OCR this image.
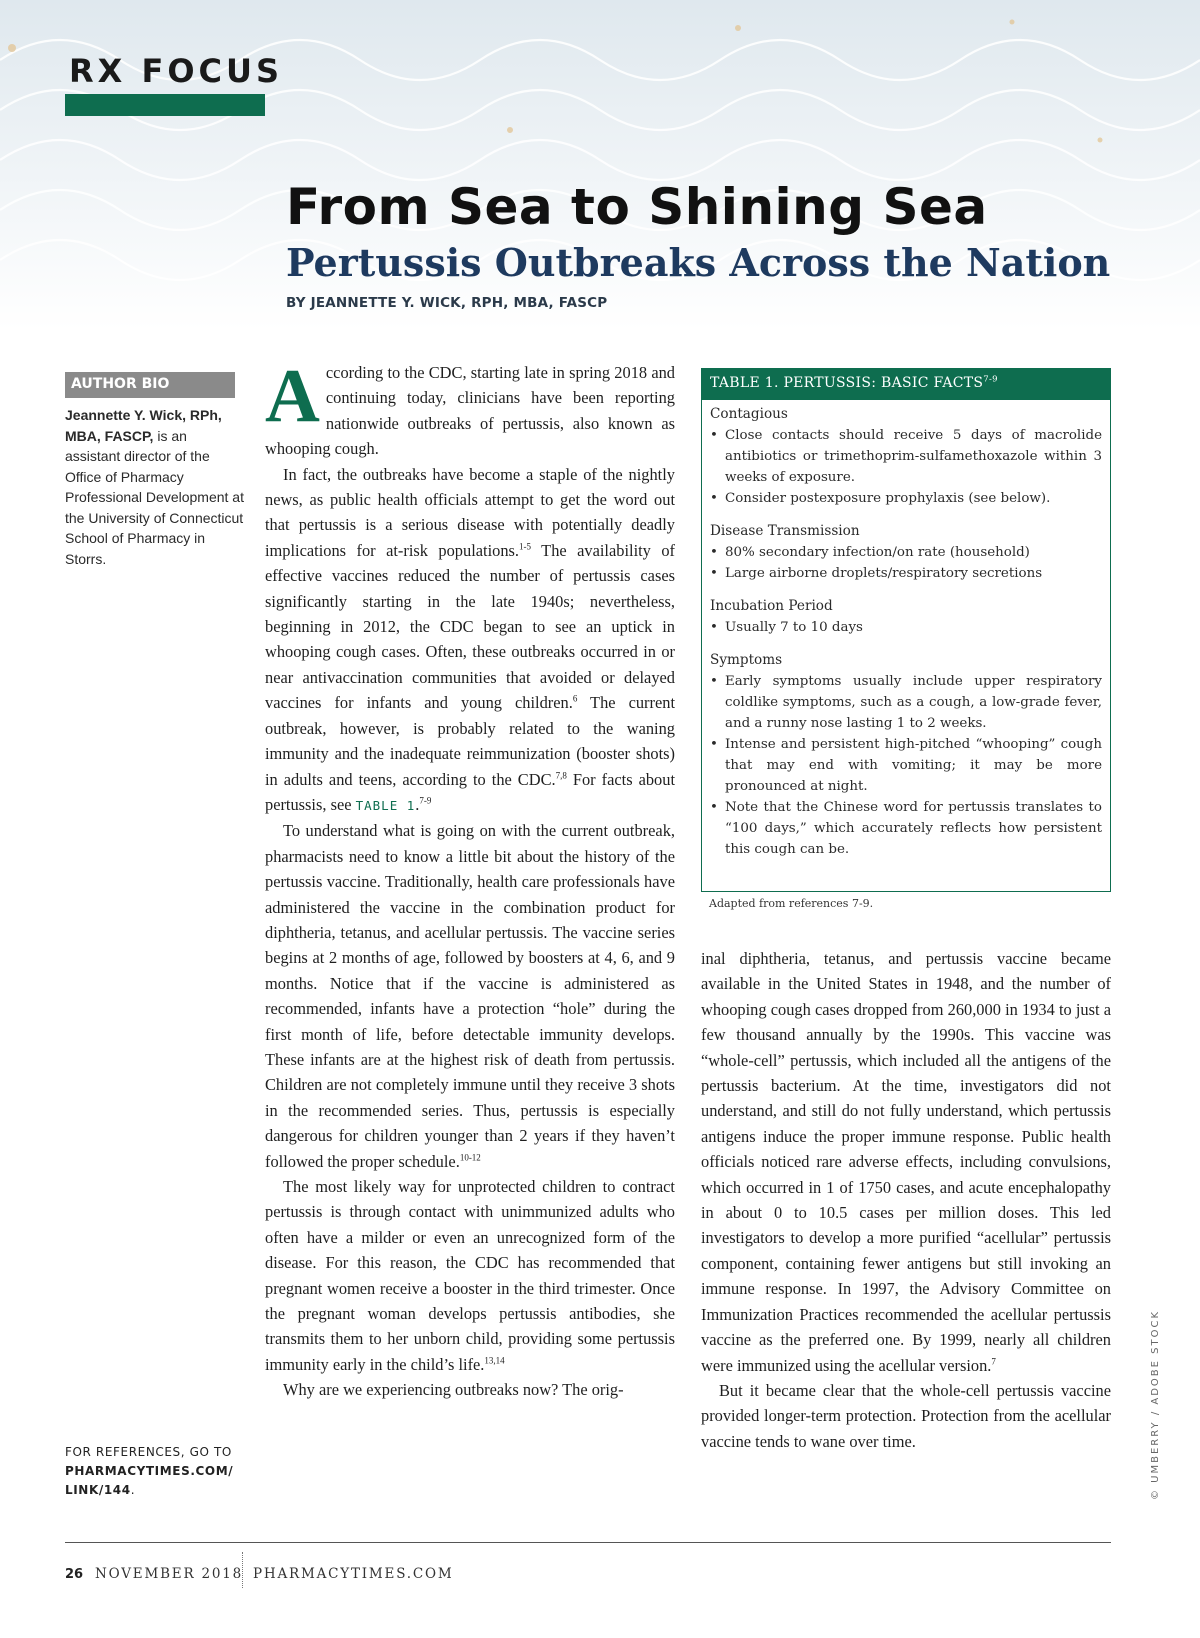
RX FOCUS
From Sea to Shining Sea
Pertussis Outbreaks Across the Nation
BY JEANNETTE Y. WICK, RPH, MBA, FASCP
AUTHOR BIO
Jeannette Y. Wick, RPh, MBA, FASCP, is an assistant director of the Office of Pharmacy Professional Development at the University of Connecticut School of Pharmacy in Storrs.
FOR REFERENCES, GO TO
PHARMACYTIMES.COM/ LINK/144.

According to the CDC, starting late in spring 2018 and continuing today, clinicians have been reporting nationwide outbreaks of pertussis, also known as whooping cough.

In fact, the outbreaks have become a staple of the nightly news, as public health officials attempt to get the word out that pertussis is a serious disease with potentially deadly implications for at-risk populations.$^{1-5}$ The availability of effective vaccines reduced the number of pertussis cases significantly starting in the late 1940s; nevertheless, beginning in 2012, the CDC began to see an uptick in whooping cough cases. Often, these outbreaks occurred in or near antivaccination communities that avoided or delayed vaccines for infants and young children.$^6$ The current outbreak, however, is probably related to the waning immunity and the inadequate reimmunization (booster shots) in adults and teens, according to the CDC.$^{7,8}$ For facts about pertussis, see TABLE 1.$^{7-9}$

To understand what is going on with the current outbreak, pharmacists need to know a little bit about the history of the pertussis vaccine. Traditionally, health care professionals have administered the vaccine in the combination product for diphtheria, tetanus, and acellular pertussis. The vaccine series begins at 2 months of age, followed by boosters at 4, 6, and 9 months. Notice that if the vaccine is administered as recommended, infants have a protection “hole” during the first month of life, before detectable immunity develops. These infants are at the highest risk of death from pertussis. Children are not completely immune until they receive 3 shots in the recommended series. Thus, pertussis is especially dangerous for children younger than 2 years if they haven’t followed the proper schedule.$^{10-12}$

The most likely way for unprotected children to contract pertussis is through contact with unimmunized adults who often have a milder or even an unrecognized form of the disease. For this reason, the CDC has recommended that pregnant women receive a booster in the third trimester. Once the pregnant woman develops pertussis antibodies, she transmits them to her unborn child, providing some pertussis immunity early in the child’s life.$^{13,14}$

Why are we experiencing outbreaks now? The orig-

TABLE 1. PERTUSSIS: BASIC FACTS$^{7-9}$
Contagious
• Close contacts should receive 5 days of macrolide antibiotics or trimethoprim-sulfamethoxazole within 3 weeks of exposure.
• Consider postexposure prophylaxis (see below).
Disease Transmission
• 80% secondary infection/on rate (household)
• Large airborne droplets/respiratory secretions
Incubation Period
• Usually 7 to 10 days
Symptoms
• Early symptoms usually include upper respiratory coldlike symptoms, such as a cough, a low-grade fever, and a runny nose lasting 1 to 2 weeks.
• Intense and persistent high-pitched “whooping” cough that may end with vomiting; it may be more pronounced at night.
• Note that the Chinese word for pertussis translates to “100 days,” which accurately reflects how persistent this cough can be.
Adapted from references 7-9.

inal diphtheria, tetanus, and pertussis vaccine became available in the United States in 1948, and the number of whooping cough cases dropped from 260,000 in 1934 to just a few thousand annually by the 1990s. This vaccine was “whole-cell” pertussis, which included all the antigens of the pertussis bacterium. At the time, investigators did not understand, and still do not fully understand, which pertussis antigens induce the proper immune response. Public health officials noticed rare adverse effects, including convulsions, which occurred in 1 of 1750 cases, and acute encephalopathy in about 0 to 10.5 cases per million doses. This led investigators to develop a more purified “acellular” pertussis component, containing fewer antigens but still invoking an immune response. In 1997, the Advisory Committee on Immunization Practices recommended the acellular pertussis vaccine as the preferred one. By 1999, nearly all children were immunized using the acellular version.$^7$

But it became clear that the whole-cell pertussis vaccine provided longer-term protection. Protection from the acellular vaccine tends to wane over time.	© UMBERRY / ADOBE STOCK
26 NOVEMBER 2018 PHARMACYTIMES.COM
